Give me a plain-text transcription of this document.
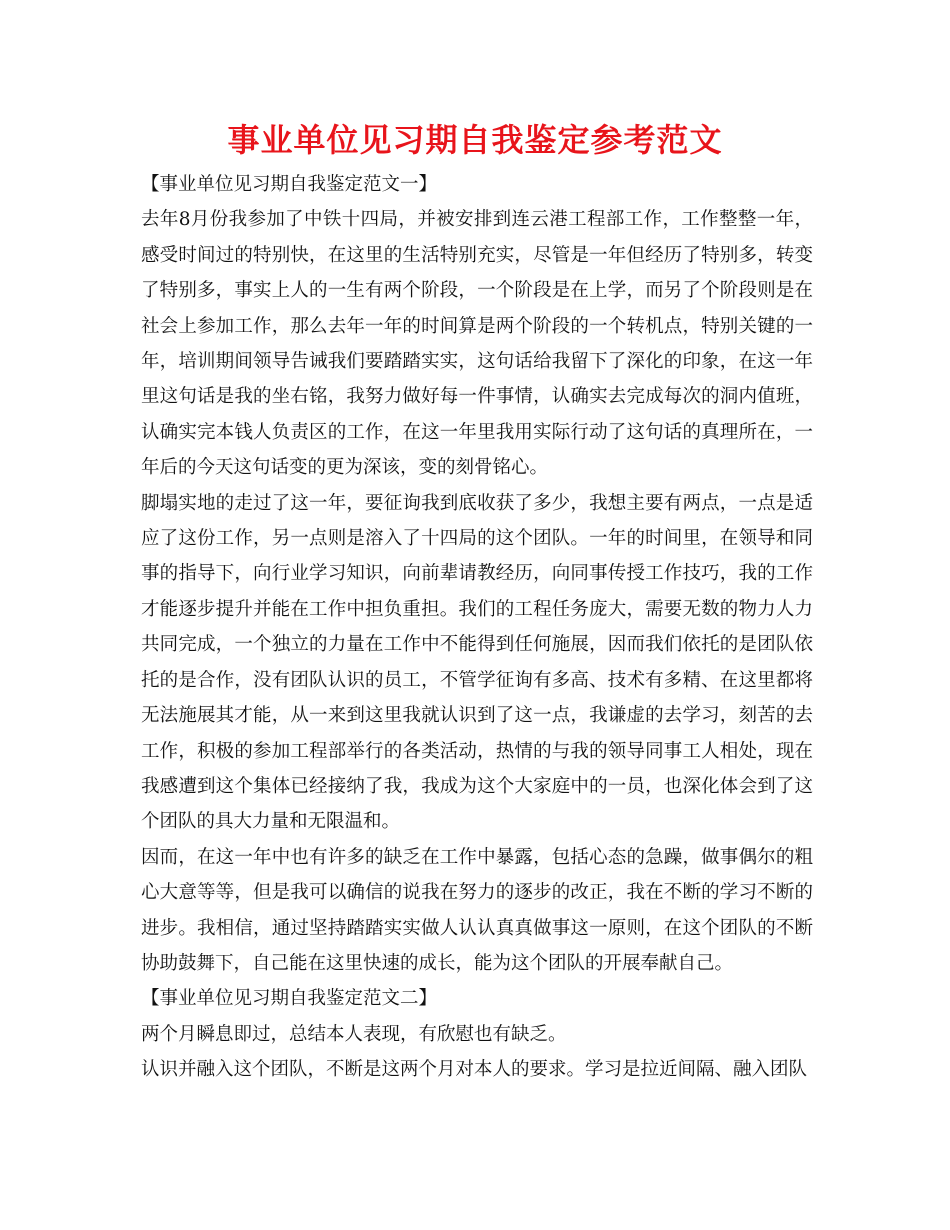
事业单位见习期自我鉴定参考范文

【事业单位见习期自我鉴定范文一】

去年8月份我参加了中铁十四局，并被安排到连云港工程部工作，工作整整一年，感受时间过的特别快，在这里的生活特别充实，尽管是一年但经历了特别多，转变了特别多，事实上人的一生有两个阶段，一个阶段是在上学，而另了个阶段则是在社会上参加工作，那么去年一年的时间算是两个阶段的一个转机点，特别关键的一年，培训期间领导告诫我们要踏踏实实，这句话给我留下了深化的印象，在这一年里这句话是我的坐右铭，我努力做好每一件事情，认确实去完成每次的洞内值班，认确实完本钱人负责区的工作，在这一年里我用实际行动了这句话的真理所在，一年后的今天这句话变的更为深该，变的刻骨铭心。

脚塌实地的走过了这一年，要征询我到底收获了多少，我想主要有两点，一点是适应了这份工作，另一点则是溶入了十四局的这个团队。一年的时间里，在领导和同事的指导下，向行业学习知识，向前辈请教经历，向同事传授工作技巧，我的工作才能逐步提升并能在工作中担负重担。我们的工程任务庞大，需要无数的物力人力共同完成，一个独立的力量在工作中不能得到任何施展，因而我们依托的是团队依托的是合作，没有团队认识的员工，不管学征询有多高、技术有多精、在这里都将无法施展其才能，从一来到这里我就认识到了这一点，我谦虚的去学习，刻苦的去工作，积极的参加工程部举行的各类活动，热情的与我的领导同事工人相处，现在我感遭到这个集体已经接纳了我，我成为这个大家庭中的一员，也深化体会到了这个团队的具大力量和无限温和。

因而，在这一年中也有许多的缺乏在工作中暴露，包括心态的急躁，做事偶尔的粗心大意等等，但是我可以确信的说我在努力的逐步的改正，我在不断的学习不断的进步。我相信，通过坚持踏踏实实做人认认真真做事这一原则，在这个团队的不断协助鼓舞下，自己能在这里快速的成长，能为这个团队的开展奉献自己。

【事业单位见习期自我鉴定范文二】

两个月瞬息即过，总结本人表现，有欣慰也有缺乏。

认识并融入这个团队，不断是这两个月对本人的要求。学习是拉近间隔、融入团队
